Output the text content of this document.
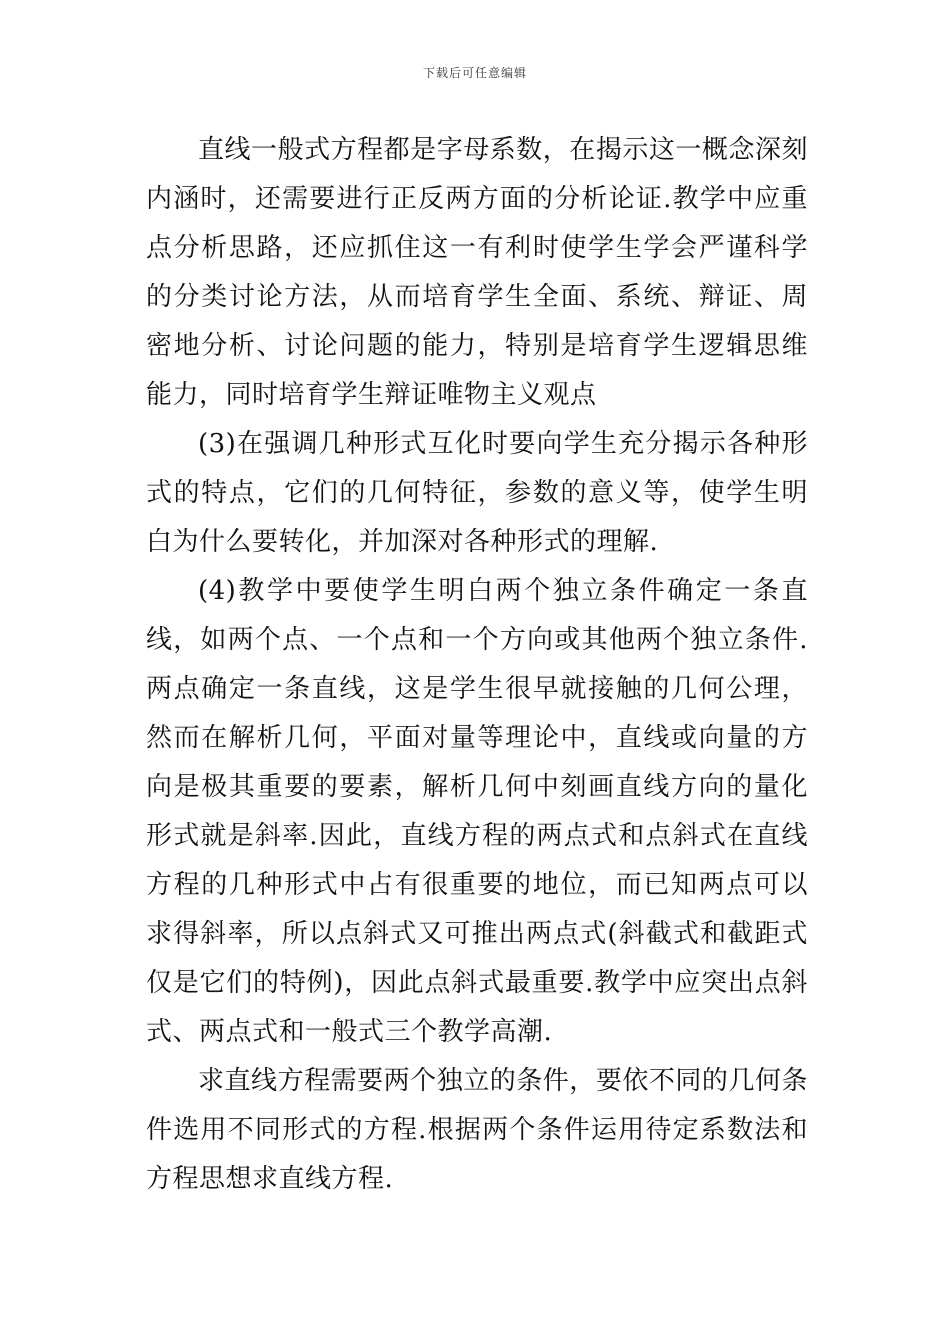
下载后可任意编辑

直线一般式方程都是字母系数，在揭示这一概念深刻内涵时，还需要进行正反两方面的分析论证.教学中应重点分析思路，还应抓住这一有利时使学生学会严谨科学的分类讨论方法，从而培育学生全面、系统、辩证、周密地分析、讨论问题的能力，特别是培育学生逻辑思维能力，同时培育学生辩证唯物主义观点

(3)在强调几种形式互化时要向学生充分揭示各种形式的特点，它们的几何特征，参数的意义等，使学生明白为什么要转化，并加深对各种形式的理解.

(4)教学中要使学生明白两个独立条件确定一条直线，如两个点、一个点和一个方向或其他两个独立条件.两点确定一条直线，这是学生很早就接触的几何公理，然而在解析几何，平面对量等理论中，直线或向量的方向是极其重要的要素，解析几何中刻画直线方向的量化形式就是斜率.因此，直线方程的两点式和点斜式在直线方程的几种形式中占有很重要的地位，而已知两点可以求得斜率，所以点斜式又可推出两点式(斜截式和截距式仅是它们的特例)，因此点斜式最重要.教学中应突出点斜式、两点式和一般式三个教学高潮.

求直线方程需要两个独立的条件，要依不同的几何条件选用不同形式的方程.根据两个条件运用待定系数法和方程思想求直线方程.
